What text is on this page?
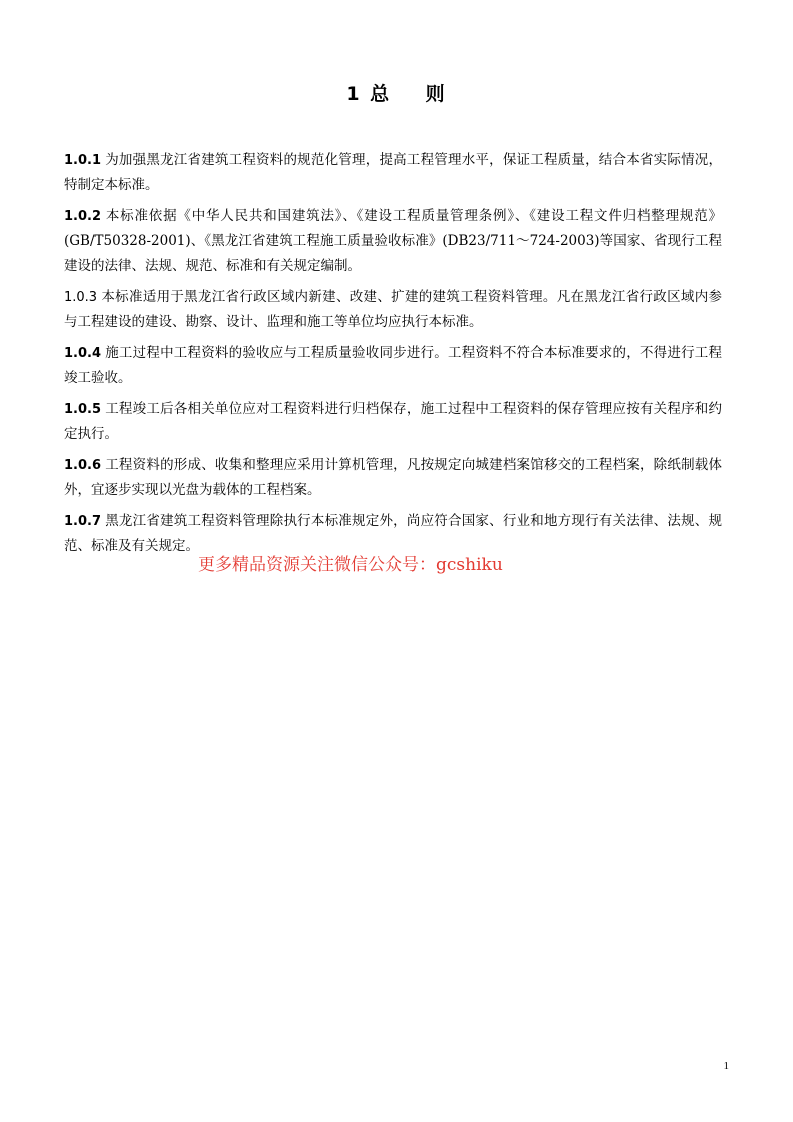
1 总    则

1.0.1 为加强黑龙江省建筑工程资料的规范化管理，提高工程管理水平，保证工程质量，结合本省实际情况，特制定本标准。

1.0.2 本标准依据《中华人民共和国建筑法》、《建设工程质量管理条例》、《建设工程文件归档整理规范》(GB/T50328-2001)、《黑龙江省建筑工程施工质量验收标准》(DB23/711～724-2003)等国家、省现行工程建设的法律、法规、规范、标准和有关规定编制。

1.0.3 本标准适用于黑龙江省行政区域内新建、改建、扩建的建筑工程资料管理。凡在黑龙江省行政区域内参与工程建设的建设、勘察、设计、监理和施工等单位均应执行本标准。

1.0.4 施工过程中工程资料的验收应与工程质量验收同步进行。工程资料不符合本标准要求的，不得进行工程竣工验收。

1.0.5 工程竣工后各相关单位应对工程资料进行归档保存，施工过程中工程资料的保存管理应按有关程序和约定执行。

1.0.6 工程资料的形成、收集和整理应采用计算机管理，凡按规定向城建档案馆移交的工程档案，除纸制载体外，宜逐步实现以光盘为载体的工程档案。

1.0.7 黑龙江省建筑工程资料管理除执行本标准规定外，尚应符合国家、行业和地方现行有关法律、法规、规范、标准及有关规定。

更多精品资源关注微信公众号：gcshiku
1
